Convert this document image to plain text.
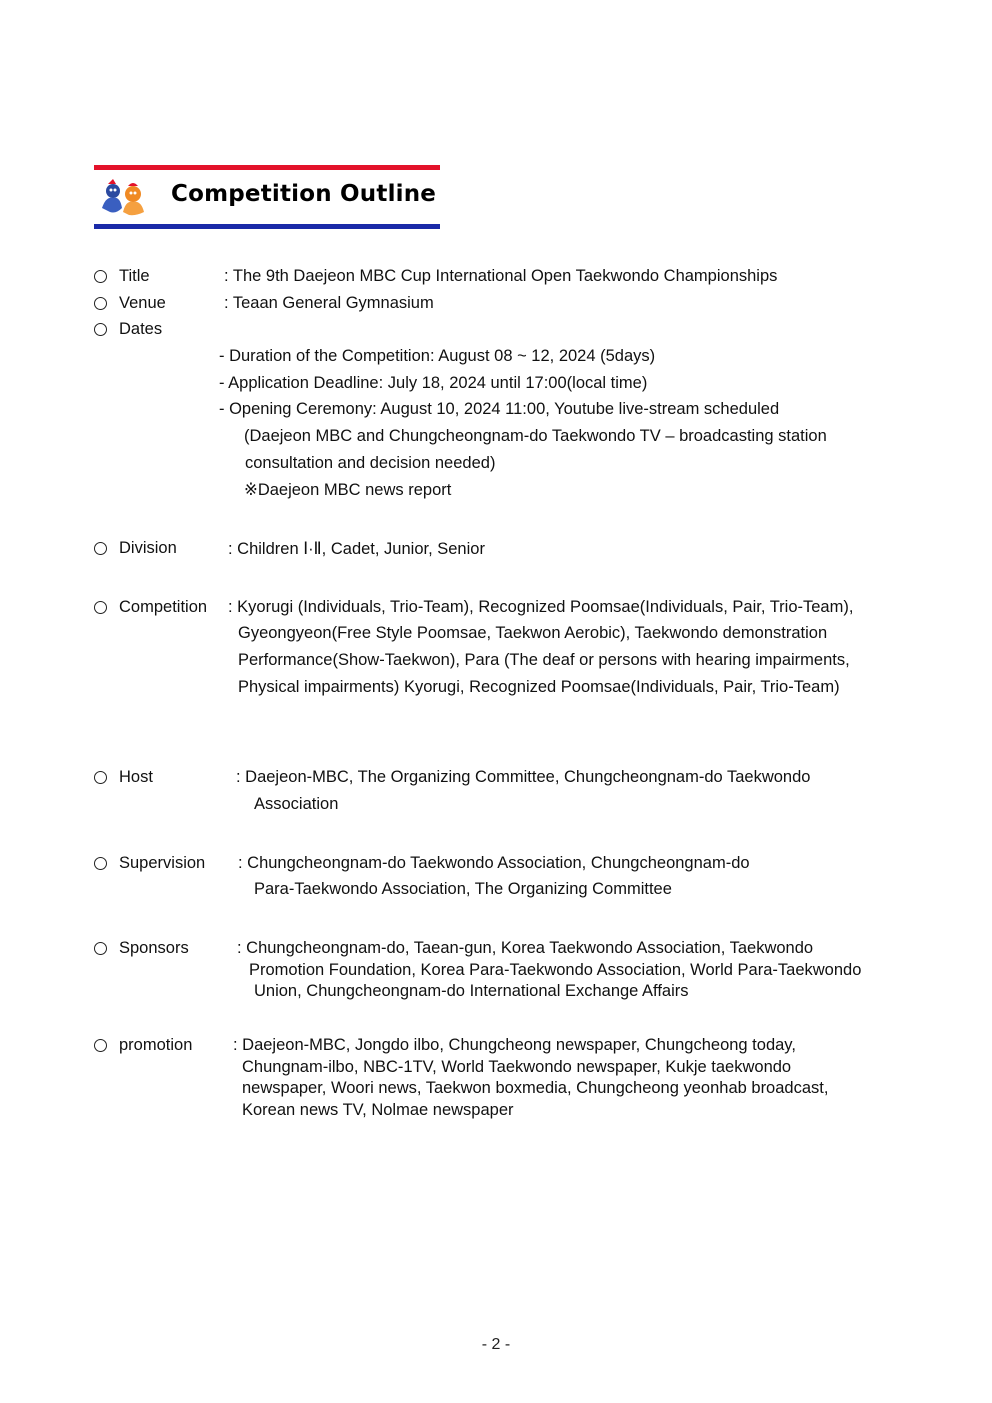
Competition Outline
Title	: The 9th Daejeon MBC Cup International Open Taekwondo Championships
Venue	: Teaan General Gymnasium
Dates
- Duration of the Competition: August 08 ~ 12, 2024 (5days)
- Application Deadline: July 18, 2024 until 17:00(local time)
- Opening Ceremony: August 10, 2024 11:00, Youtube live-stream scheduled
(Daejeon MBC and Chungcheongnam-do Taekwondo TV – broadcasting station
consultation and decision needed)
※Daejeon MBC news report
Division	: Children Ⅰ·Ⅱ, Cadet, Junior, Senior
Competition : Kyorugi (Individuals, Trio-Team), Recognized Poomsae(Individuals, Pair, Trio-Team),
Gyeongyeon(Free Style Poomsae, Taekwon Aerobic), Taekwondo demonstration
Performance(Show-Taekwon), Para (The deaf or persons with hearing impairments,
Physical impairments) Kyorugi, Recognized Poomsae(Individuals, Pair, Trio-Team)
Host	: Daejeon-MBC, The Organizing Committee, Chungcheongnam-do Taekwondo
Association
Supervision : Chungcheongnam-do Taekwondo Association, Chungcheongnam-do
Para-Taekwondo Association, The Organizing Committee
Sponsors	: Chungcheongnam-do, Taean-gun, Korea Taekwondo Association, Taekwondo
Promotion Foundation, Korea Para-Taekwondo Association, World Para-Taekwondo
Union, Chungcheongnam-do International Exchange Affairs
promotion : Daejeon-MBC, Jongdo ilbo, Chungcheong newspaper, Chungcheong today,
Chungnam-ilbo, NBC-1TV, World Taekwondo newspaper, Kukje taekwondo
newspaper, Woori news, Taekwon boxmedia, Chungcheong yeonhab broadcast,
Korean news TV, Nolmae newspaper
- 2 -
